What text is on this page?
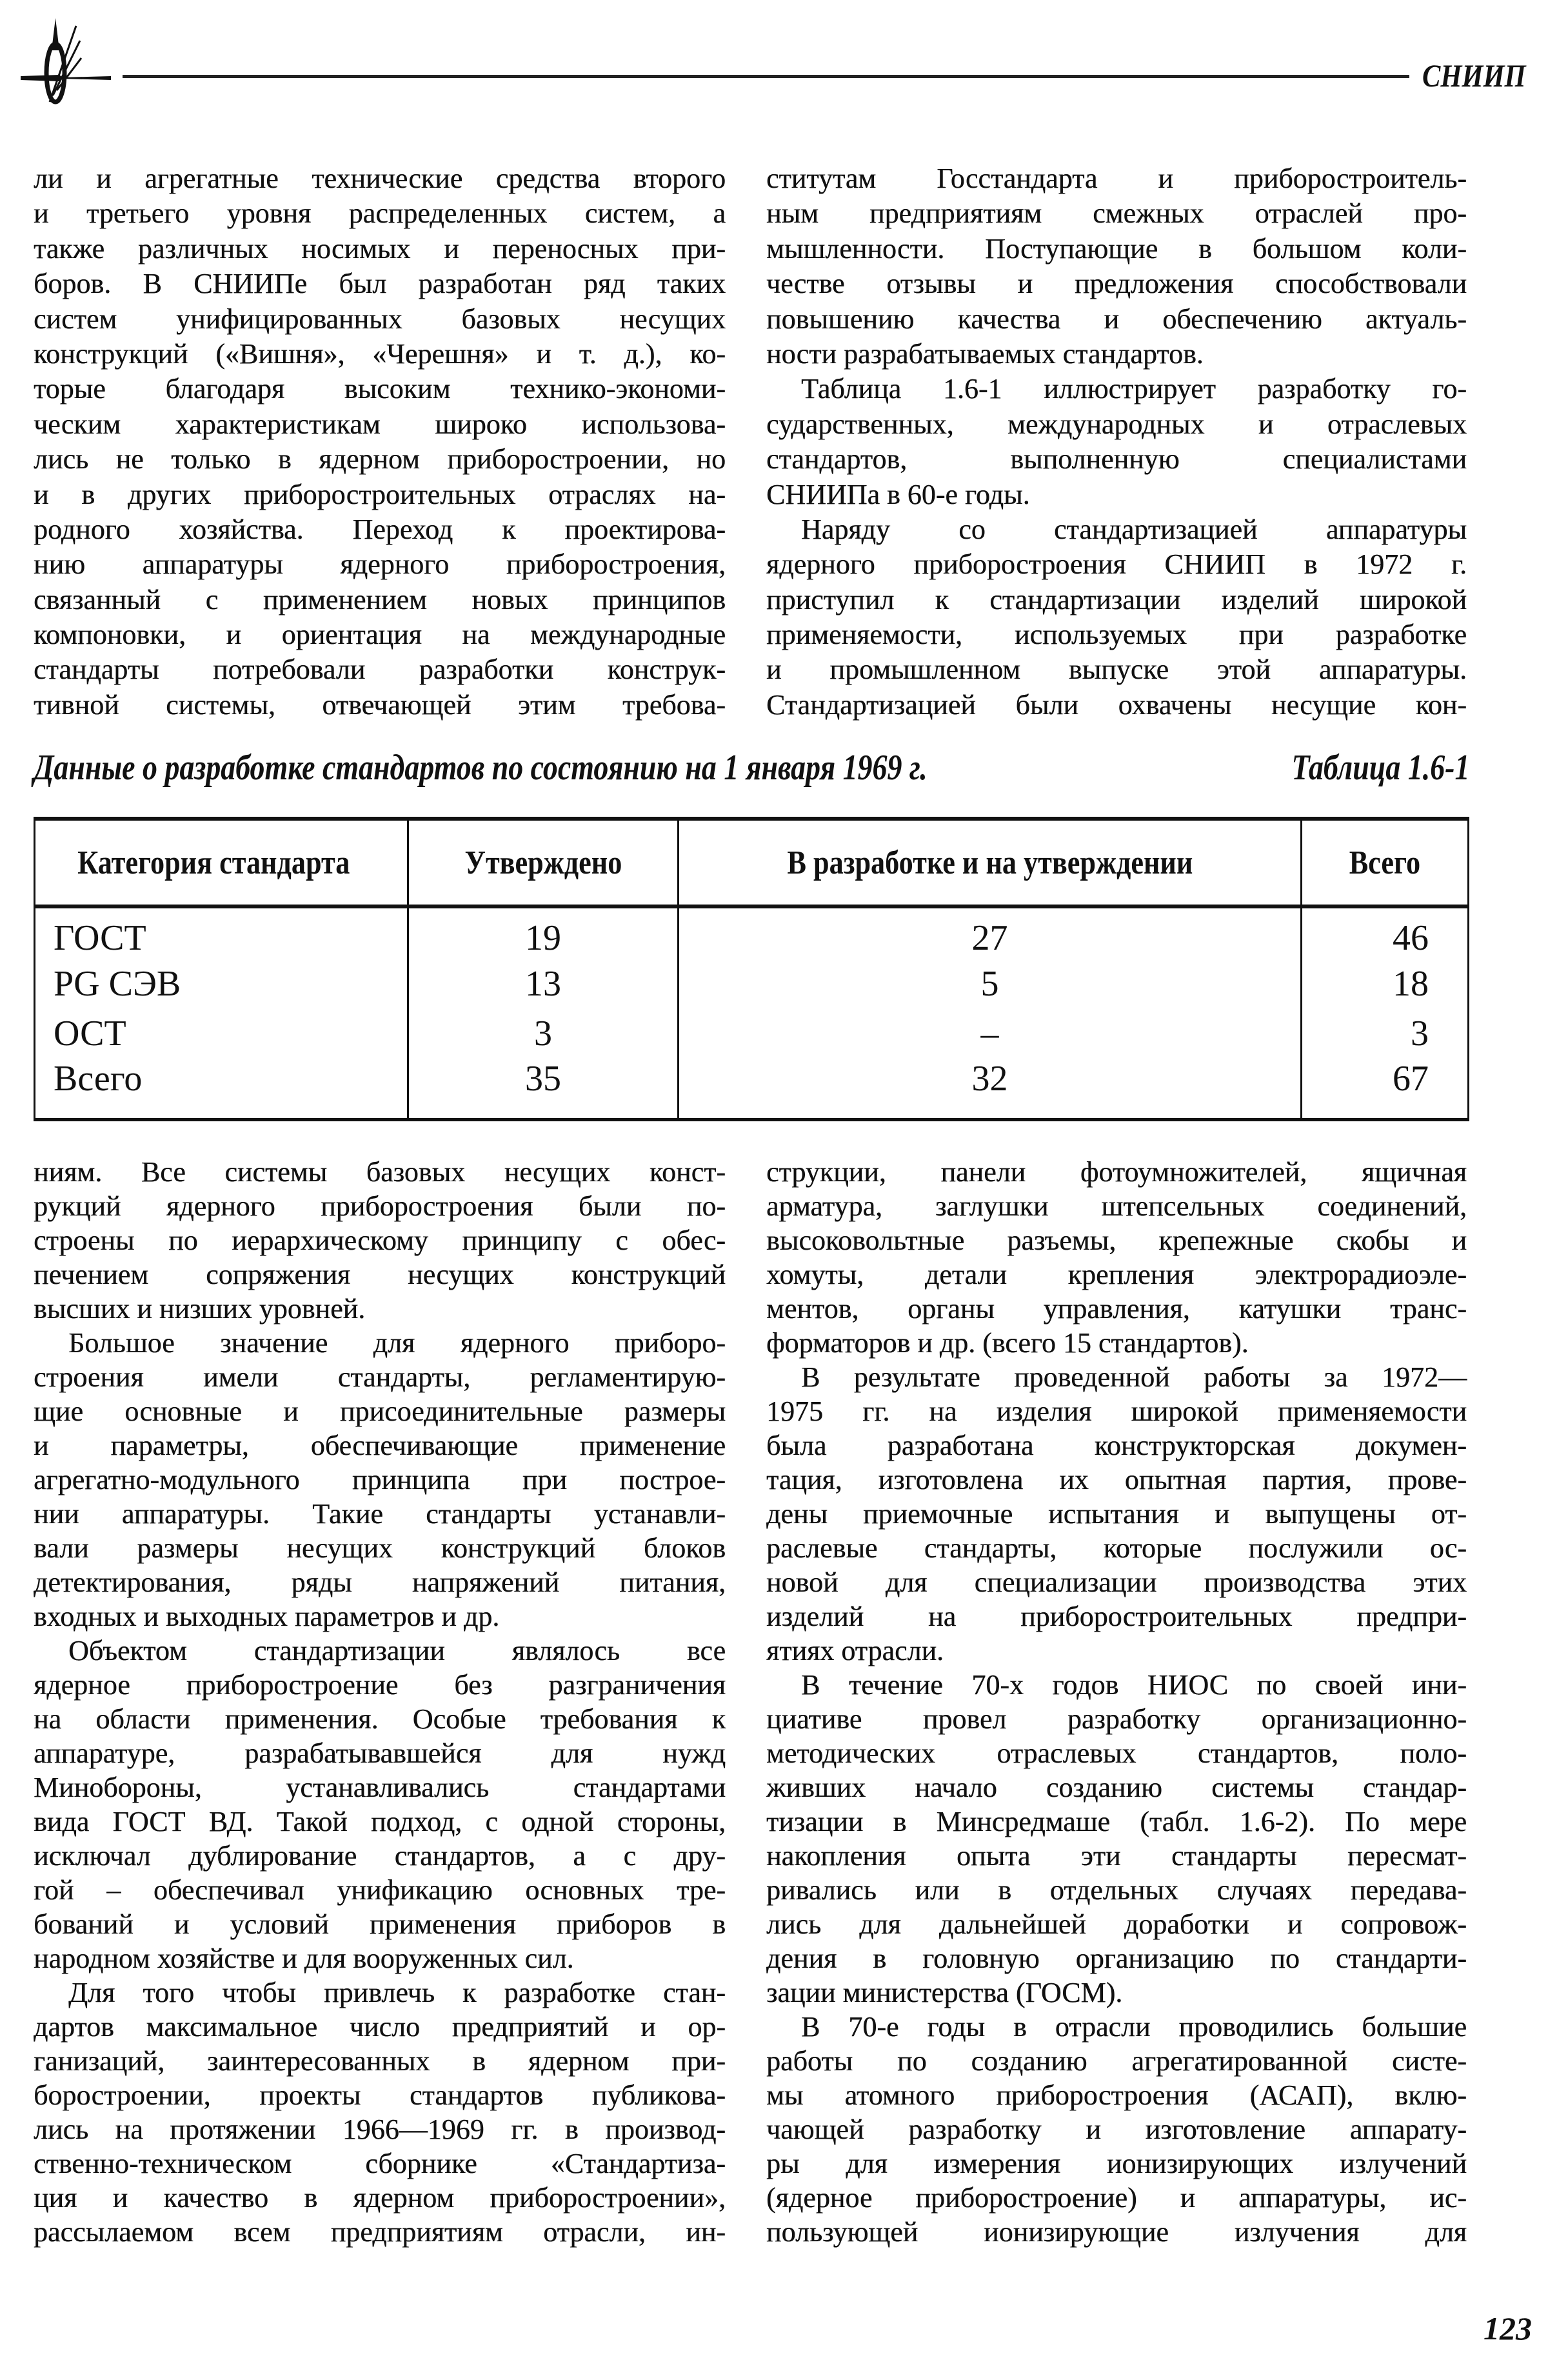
СНИИП
ли и агрегатные технические средства второго
и третьего уровня распределенных систем, а
также различных носимых и переносных при-
боров. В СНИИПе был разработан ряд таких
систем унифицированных базовых несущих
конструкций («Вишня», «Черешня» и т. д.), ко-
торые благодаря высоким технико-экономи-
ческим характеристикам широко использова-
лись не только в ядерном приборостроении, но
и в других приборостроительных отраслях на-
родного хозяйства. Переход к проектирова-
нию аппаратуры ядерного приборостроения,
связанный с применением новых принципов
компоновки, и ориентация на международные
стандарты потребовали разработки конструк-
тивной системы, отвечающей этим требова-
ститутам Госстандарта и приборостроитель-
ным предприятиям смежных отраслей про-
мышленности. Поступающие в большом коли-
честве отзывы и предложения способствовали
повышению качества и обеспечению актуаль-
ности разрабатываемых стандартов.
Таблица 1.6-1 иллюстрирует разработку го-
сударственных, международных и отраслевых
стандартов, выполненную специалистами
СНИИПа в 60-е годы.
Наряду со стандартизацией аппаратуры
ядерного приборостроения СНИИП в 1972 г.
приступил к стандартизации изделий широкой
применяемости, используемых при разработке
и промышленном выпуске этой аппаратуры.
Стандартизацией были охвачены несущие кон-
Данные о разработке стандартов по состоянию на 1 января 1969 г.	Таблица 1.6-1
Категория стандарта	Утверждено	В разработке и на утверждении	Всего
ГОСТ	19	27	46
PG СЭВ	13	5	18
ОСТ	3	–	3
Всего	35	32	67
ниям. Все системы базовых несущих конст-
рукций ядерного приборостроения были по-
строены по иерархическому принципу с обес-
печением сопряжения несущих конструкций
высших и низших уровней.
Большое значение для ядерного приборо-
строения имели стандарты, регламентирую-
щие основные и присоединительные размеры
и параметры, обеспечивающие применение
агрегатно-модульного принципа при построе-
нии аппаратуры. Такие стандарты устанавли-
вали размеры несущих конструкций блоков
детектирования, ряды напряжений питания,
входных и выходных параметров и др.
Объектом стандартизации являлось все
ядерное приборостроение без разграничения
на области применения. Особые требования к
аппаратуре, разрабатывавшейся для нужд
Минобороны, устанавливались стандартами
вида ГОСТ ВД. Такой подход, с одной стороны,
исключал дублирование стандартов, а с дру-
гой – обеспечивал унификацию основных тре-
бований и условий применения приборов в
народном хозяйстве и для вооруженных сил.
Для того чтобы привлечь к разработке стан-
дартов максимальное число предприятий и ор-
ганизаций, заинтересованных в ядерном при-
боростроении, проекты стандартов публикова-
лись на протяжении 1966—1969 гг. в производ-
ственно-техническом сборнике «Стандартиза-
ция и качество в ядерном приборостроении»,
рассылаемом всем предприятиям отрасли, ин-
струкции, панели фотоумножителей, ящичная
арматура, заглушки штепсельных соединений,
высоковольтные разъемы, крепежные скобы и
хомуты, детали крепления электрорадиоэле-
ментов, органы управления, катушки транс-
форматоров и др. (всего 15 стандартов).
В результате проведенной работы за 1972—
1975 гг. на изделия широкой применяемости
была разработана конструкторская докумен-
тация, изготовлена их опытная партия, прове-
дены приемочные испытания и выпущены от-
раслевые стандарты, которые послужили ос-
новой для специализации производства этих
изделий на приборостроительных предпри-
ятиях отрасли.
В течение 70-х годов НИОС по своей ини-
циативе провел разработку организационно-
методических отраслевых стандартов, поло-
живших начало созданию системы стандар-
тизации в Минсредмаше (табл. 1.6-2). По мере
накопления опыта эти стандарты пересмат-
ривались или в отдельных случаях передава-
лись для дальнейшей доработки и сопровож-
дения в головную организацию по стандарти-
зации министерства (ГОСМ).
В 70-е годы в отрасли проводились большие
работы по созданию агрегатированной систе-
мы атомного приборостроения (АСАП), вклю-
чающей разработку и изготовление аппарату-
ры для измерения ионизирующих излучений
(ядерное приборостроение) и аппаратуры, ис-
пользующей ионизирующие излучения для
123
